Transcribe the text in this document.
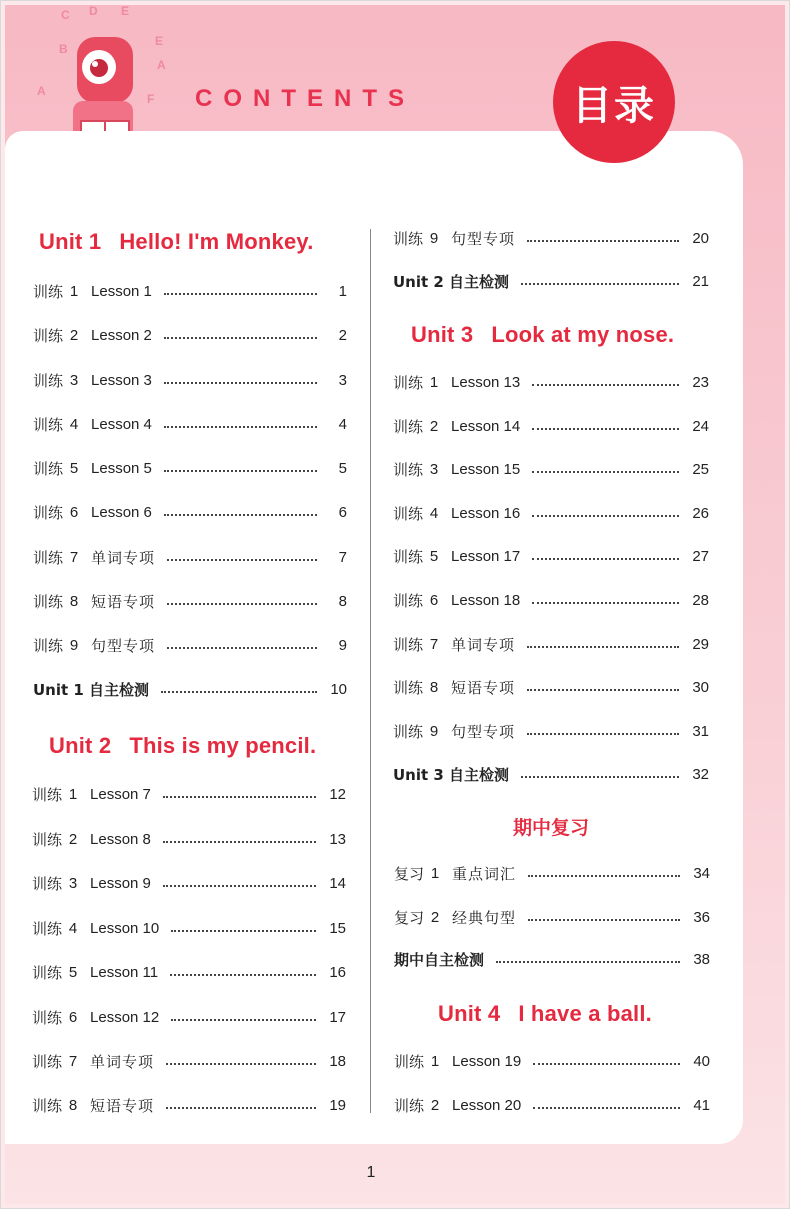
C D E
B
E
A
F
A
CONTENTS	目录
Unit 1 Hello! I'm Monkey.
训练 1 Lesson 1	1
训练 2 Lesson 2	2
训练 3 Lesson 3	3
训练 4 Lesson 4	4
训练 5 Lesson 5	5
训练 6 Lesson 6	6
训练 7 单词专项	7
训练 8 短语专项	8
训练 9 句型专项	9
Unit 1 自主检测	10
Unit 2 This is my pencil.
训练 1 Lesson 7	12
训练 2 Lesson 8	13
训练 3 Lesson 9	14
训练 4 Lesson 10	15
训练 5 Lesson 11	16
训练 6 Lesson 12	17
训练 7 单词专项	18
训练 8 短语专项	19
训练 9 句型专项	20
Unit 2 自主检测	21
Unit 3 Look at my nose.
训练 1 Lesson 13	23
训练 2 Lesson 14	24
训练 3 Lesson 15	25
训练 4 Lesson 16	26
训练 5 Lesson 17	27
训练 6 Lesson 18	28
训练 7 单词专项	29
训练 8 短语专项	30
训练 9 句型专项	31
Unit 3 自主检测	32
期中复习
复习 1 重点词汇	34
复习 2 经典句型	36
期中自主检测	38
Unit 4 I have a ball.
训练 1 Lesson 19	40
训练 2 Lesson 20	41
1
